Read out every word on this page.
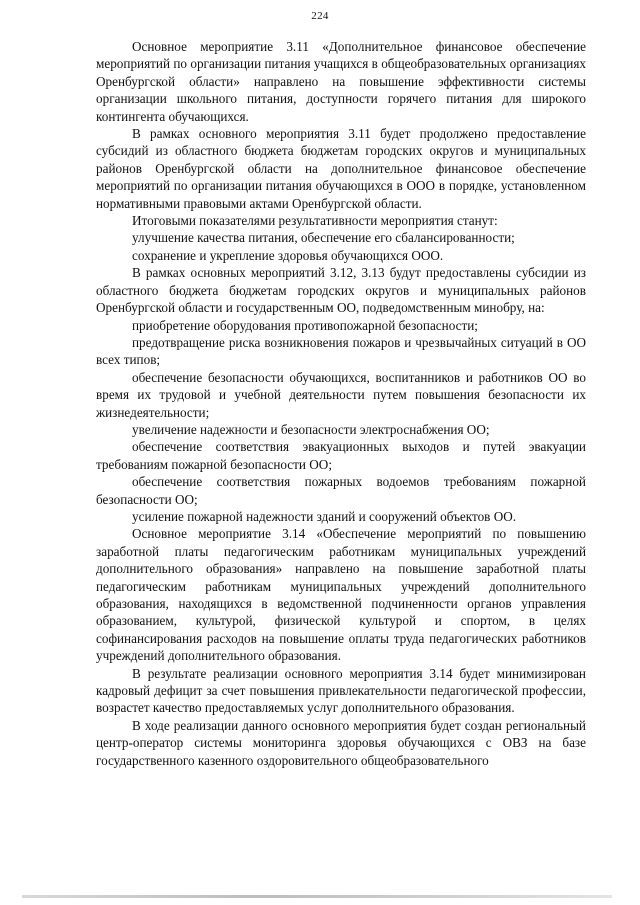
224

Основное мероприятие 3.11 «Дополнительное финансовое обеспечение мероприятий по организации питания учащихся в общеобразовательных организациях Оренбургской области» направлено на повышение эффективности системы организации школьного питания, доступности горячего питания для широкого контингента обучающихся.

В рамках основного мероприятия 3.11 будет продолжено предоставление субсидий из областного бюджета бюджетам городских округов и муниципальных районов Оренбургской области на дополнительное финансовое обеспечение мероприятий по организации питания обучающихся в ООО в порядке, установленном нормативными правовыми актами Оренбургской области.

Итоговыми показателями результативности мероприятия станут:

улучшение качества питания, обеспечение его сбалансированности;

сохранение и укрепление здоровья обучающихся ООО.

В рамках основных мероприятий 3.12, 3.13 будут предоставлены субсидии из областного бюджета бюджетам городских округов и муниципальных районов Оренбургской области и государственным ОО, подведомственным минобру, на:

приобретение оборудования противопожарной безопасности;

предотвращение риска возникновения пожаров и чрезвычайных ситуаций в ОО всех типов;

обеспечение безопасности обучающихся, воспитанников и работников ОО во время их трудовой и учебной деятельности путем повышения безопасности их жизнедеятельности;

увеличение надежности и безопасности электроснабжения ОО;

обеспечение соответствия эвакуационных выходов и путей эвакуации требованиям пожарной безопасности ОО;

обеспечение соответствия пожарных водоемов требованиям пожарной безопасности ОО;

усиление пожарной надежности зданий и сооружений объектов ОО.

Основное мероприятие 3.14 «Обеспечение мероприятий по повышению заработной платы педагогическим работникам муниципальных учреждений дополнительного образования» направлено на повышение заработной платы педагогическим работникам муниципальных учреждений дополнительного образования, находящихся в ведомственной подчиненности органов управления образованием, культурой, физической культурой и спортом, в целях софинансирования расходов на повышение оплаты труда педагогических работников учреждений дополнительного образования.

В результате реализации основного мероприятия 3.14 будет минимизирован кадровый дефицит за счет повышения привлекательности педагогической профессии, возрастет качество предоставляемых услуг дополнительного образования.

В ходе реализации данного основного мероприятия будет создан региональный центр-оператор системы мониторинга здоровья обучающихся с ОВЗ на базе государственного казенного оздоровительного общеобразовательного
